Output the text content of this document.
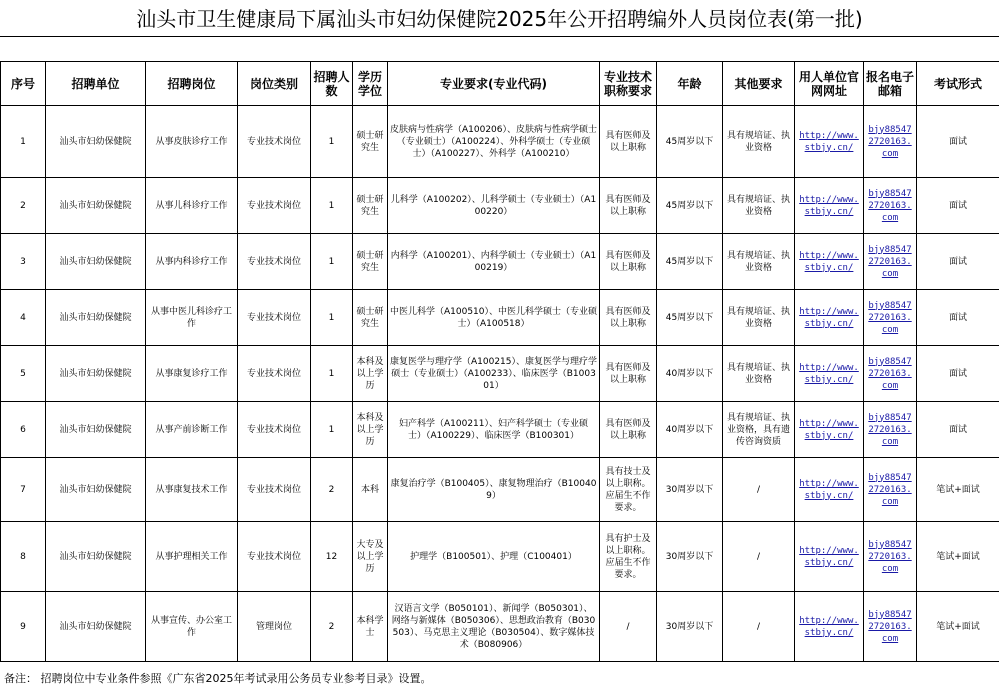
汕头市卫生健康局下属汕头市妇幼保健院2025年公开招聘编外人员岗位表(第一批)
序号	招聘单位	招聘岗位	岗位类别	招聘人数	学历学位	专业要求(专业代码)	专业技术职称要求	年龄	其他要求	用人单位官网网址	报名电子邮箱	考试形式
1	汕头市妇幼保健院	从事皮肤诊疗工作	专业技术岗位	1	硕士研究生	皮肤病与性病学（A100206）、皮肤病与性病学硕士（专业硕士）（A100224）、外科学硕士（专业硕士）（A100227）、外科学（A100210）	具有医师及以上职称	45周岁以下	具有规培证、执业资格	http://www.stbjy.cn/	bjy885472720163.com	面试
2	汕头市妇幼保健院	从事儿科诊疗工作	专业技术岗位	1	硕士研究生	儿科学（A100202）、儿科学硕士（专业硕士）（A100220）	具有医师及以上职称	45周岁以下	具有规培证、执业资格	http://www.stbjy.cn/	bjy885472720163.com	面试
3	汕头市妇幼保健院	从事内科诊疗工作	专业技术岗位	1	硕士研究生	内科学（A100201）、内科学硕士（专业硕士）（A100219）	具有医师及以上职称	45周岁以下	具有规培证、执业资格	http://www.stbjy.cn/	bjy885472720163.com	面试
4	汕头市妇幼保健院	从事中医儿科诊疗工作	专业技术岗位	1	硕士研究生	中医儿科学（A100510）、中医儿科学硕士（专业硕士）（A100518）	具有医师及以上职称	45周岁以下	具有规培证、执业资格	http://www.stbjy.cn/	bjy885472720163.com	面试
5	汕头市妇幼保健院	从事康复诊疗工作	专业技术岗位	1	本科及以上学历	康复医学与理疗学（A100215）、康复医学与理疗学硕士（专业硕士）（A100233）、临床医学（B100301）	具有医师及以上职称	40周岁以下	具有规培证、执业资格	http://www.stbjy.cn/	bjy885472720163.com	面试
6	汕头市妇幼保健院	从事产前诊断工作	专业技术岗位	1	本科及以上学历	妇产科学（A100211）、妇产科学硕士（专业硕士）（A100229）、临床医学（B100301）	具有医师及以上职称	40周岁以下	具有规培证、执业资格，具有遗传咨询资质	http://www.stbjy.cn/	bjy885472720163.com	面试
7	汕头市妇幼保健院	从事康复技术工作	专业技术岗位	2	本科	康复治疗学（B100405）、康复物理治疗（B100409）	具有技士及以上职称。应届生不作要求。	30周岁以下	/	http://www.stbjy.cn/	bjy885472720163.com	笔试+面试
8	汕头市妇幼保健院	从事护理相关工作	专业技术岗位	12	大专及以上学历	护理学（B100501）、护理（C100401）	具有护士及以上职称。应届生不作要求。	30周岁以下	/	http://www.stbjy.cn/	bjy885472720163.com	笔试+面试
9	汕头市妇幼保健院	从事宣传、办公室工作	管理岗位	2	本科学士	汉语言文学（B050101）、新闻学（B050301）、网络与新媒体（B050306）、思想政治教育（B030503）、马克思主义理论（B030504）、数字媒体技术（B080906）	/	30周岁以下	/	http://www.stbjy.cn/	bjy885472720163.com	笔试+面试
备注： 招聘岗位中专业条件参照《广东省2025年考试录用公务员专业参考目录》设置。
